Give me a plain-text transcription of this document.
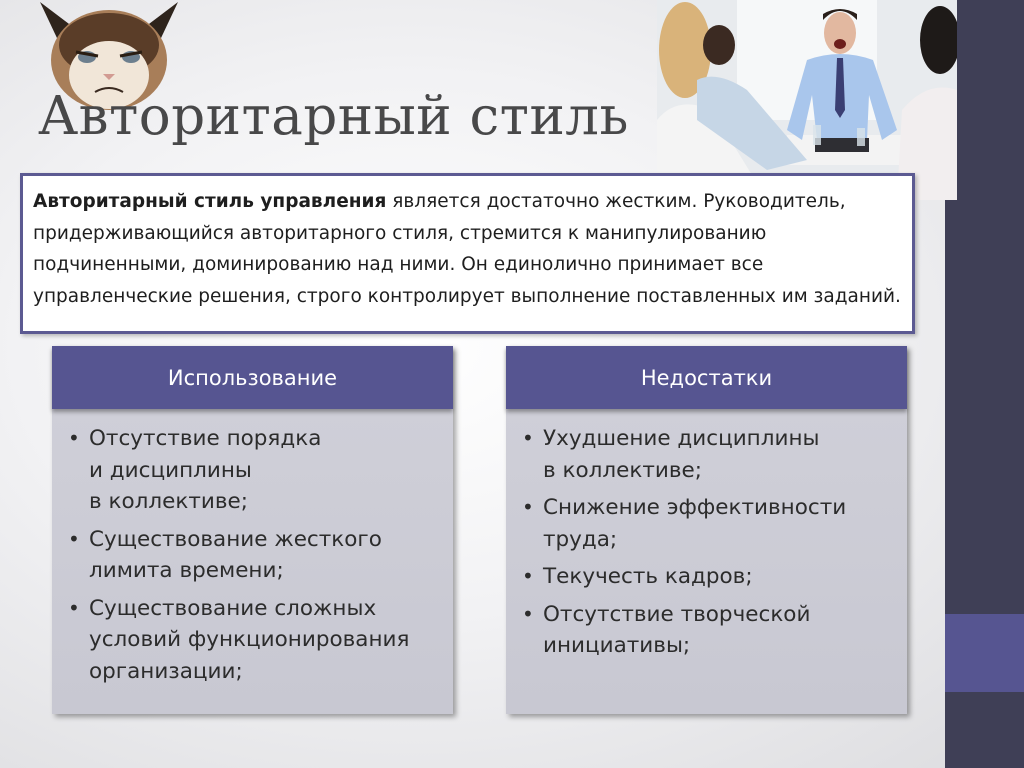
Авторитарный стиль
Авторитарный стиль управления является достаточно жестким. Руководитель, придерживающийся авторитарного стиля, стремится к манипулированию подчиненными, доминированию над ними. Он единолично принимает все управленческие решения, строго контролирует выполнение поставленных им заданий.
Использование
• Отсутствие порядка
и дисциплины
в коллективе;
• Существование жесткого
лимита времени;
• Существование сложных
условий функционирования
организации;
Недостатки
• Ухудшение дисциплины
в коллективе;
• Снижение эффективности
труда;
• Текучесть кадров;
• Отсутствие творческой
инициативы;
